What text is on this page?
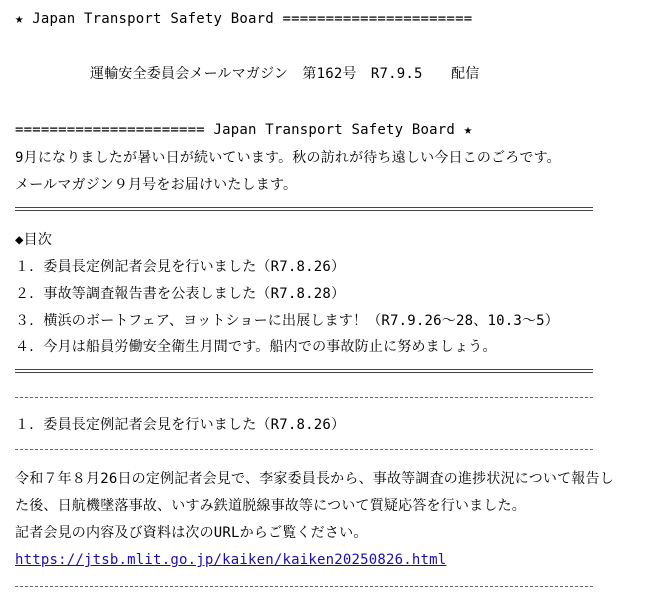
★ Japan Transport Safety Board ======================
運輸安全委員会メールマガジン　第162号　R7.9.5　　配信
====================== Japan Transport Safety Board ★
9月になりましたが暑い日が続いています。秋の訪れが待ち遠しい今日このごろです。
メールマガジン９月号をお届けいたします。
◆目次
１．委員長定例記者会見を行いました（R7.8.26）
２．事故等調査報告書を公表しました（R7.8.28）
３．横浜のボートフェア、ヨットショーに出展します！（R7.9.26～28、10.3～5）
４．今月は船員労働安全衛生月間です。船内での事故防止に努めましょう。
１．委員長定例記者会見を行いました（R7.8.26）
令和７年８月26日の定例記者会見で、李家委員長から、事故等調査の進捗状況について報告し
た後、日航機墜落事故、いすみ鉄道脱線事故等について質疑応答を行いました。
記者会見の内容及び資料は次のURLからご覧ください。
https://jtsb.mlit.go.jp/kaiken/kaiken20250826.html
